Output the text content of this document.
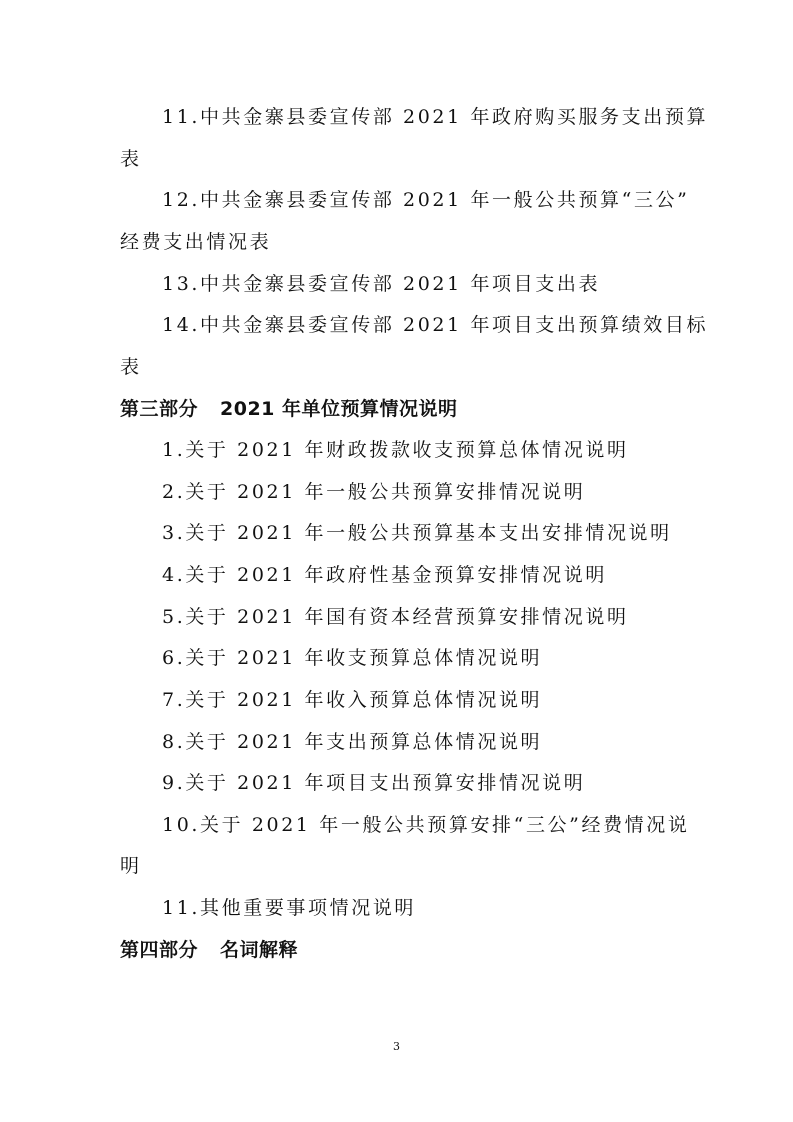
11.中共金寨县委宣传部 2021 年政府购买服务支出预算
表
12.中共金寨县委宣传部 2021 年一般公共预算“三公”
经费支出情况表
13.中共金寨县委宣传部 2021 年项目支出表
14.中共金寨县委宣传部 2021 年项目支出预算绩效目标
表
第三部分 2021 年单位预算情况说明
1.关于 2021 年财政拨款收支预算总体情况说明
2.关于 2021 年一般公共预算安排情况说明
3.关于 2021 年一般公共预算基本支出安排情况说明
4.关于 2021 年政府性基金预算安排情况说明
5.关于 2021 年国有资本经营预算安排情况说明
6.关于 2021 年收支预算总体情况说明
7.关于 2021 年收入预算总体情况说明
8.关于 2021 年支出预算总体情况说明
9.关于 2021 年项目支出预算安排情况说明
10.关于 2021 年一般公共预算安排“三公”经费情况说
明
11.其他重要事项情况说明
第四部分 名词解释
3
